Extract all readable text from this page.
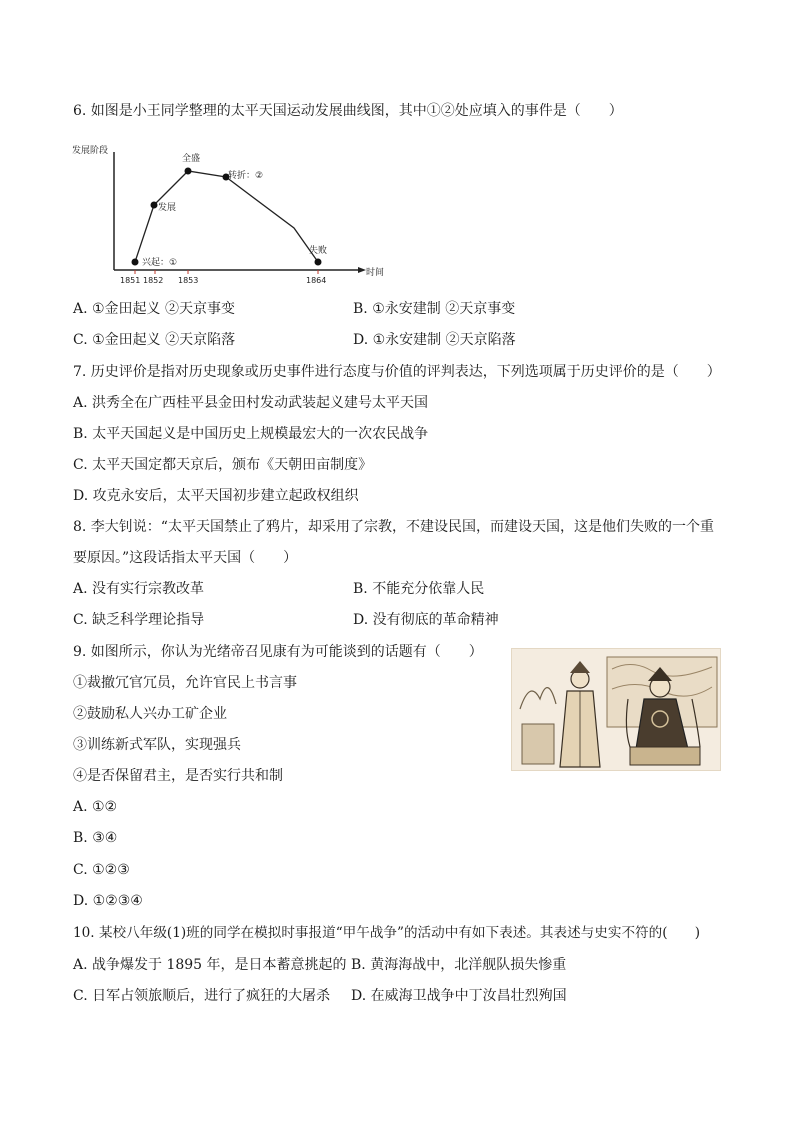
6. 如图是小王同学整理的太平天国运动发展曲线图，其中①②处应填入的事件是（　　）
发展阶段
时间
1851 1852 1853	1864
兴起：①
发展
全盛
转折：②
失败
A. ①金田起义 ②天京事变	B. ①永安建制 ②天京事变
C. ①金田起义 ②天京陷落	D. ①永安建制 ②天京陷落
7. 历史评价是指对历史现象或历史事件进行态度与价值的评判表达，下列选项属于历史评价的是（　　）
A. 洪秀全在广西桂平县金田村发动武装起义建号太平天国
B. 太平天国起义是中国历史上规模最宏大的一次农民战争
C. 太平天国定都天京后，颁布《天朝田亩制度》
D. 攻克永安后，太平天国初步建立起政权组织
8. 李大钊说：“太平天国禁止了鸦片，却采用了宗教，不建设民国，而建设天国，这是他们失败的一个重
要原因。”这段话指太平天国（　　）
A. 没有实行宗教改革	B. 不能充分依靠人民
C. 缺乏科学理论指导	D. 没有彻底的革命精神
9. 如图所示，你认为光绪帝召见康有为可能谈到的话题有（　　）
①裁撤冗官冗员，允许官民上书言事
②鼓励私人兴办工矿企业
③训练新式军队，实现强兵
④是否保留君主，是否实行共和制
A. ①②
B. ③④
C. ①②③
D. ①②③④
10. 某校八年级(1)班的同学在模拟时事报道“甲午战争”的活动中有如下表述。其表述与史实不符的(　　)
A. 战争爆发于 1895 年，是日本蓄意挑起的 B. 黄海海战中，北洋舰队损失惨重
C. 日军占领旅顺后，进行了疯狂的大屠杀 D. 在威海卫战争中丁汝昌壮烈殉国
